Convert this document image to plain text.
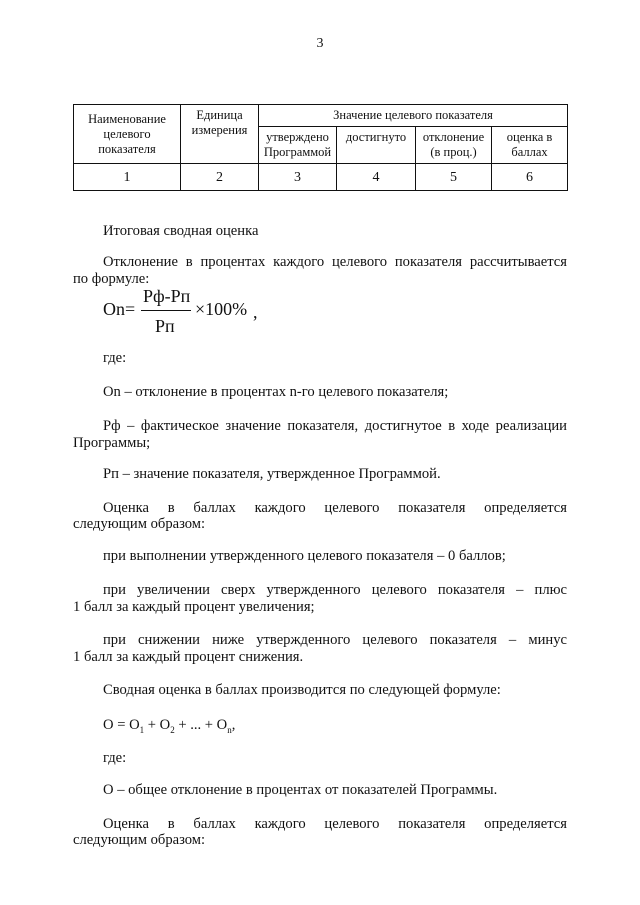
3
Наименование целевого показателя	Единица измерения	Значение целевого показателя			
		утверждено Программой	достигнуто	отклонение (в проц.)	оценка в баллах
1	2	3	4	5	6
Итоговая сводная оценка
Отклонение в процентах каждого целевого показателя рассчитывается
по формуле:
Оn=
Рф-Рп
Рп
×100% ,
где:
Оn – отклонение в процентах n-го целевого показателя;
Рф – фактическое значение показателя, достигнутое в ходе реализации
Программы;
Рп – значение показателя, утвержденное Программой.
Оценка в баллах каждого целевого показателя определяется
следующим образом:
при выполнении утвержденного целевого показателя – 0 баллов;
при увеличении сверх утвержденного целевого показателя – плюс
1 балл за каждый процент увеличения;
при снижении ниже утвержденного целевого показателя – минус
1 балл за каждый процент снижения.
Сводная оценка в баллах производится по следующей формуле:
$О = О_1 + О_2$ + ... + $О_n$,
где:
О – общее отклонение в процентах от показателей Программы.
Оценка в баллах каждого целевого показателя определяется
следующим образом:
